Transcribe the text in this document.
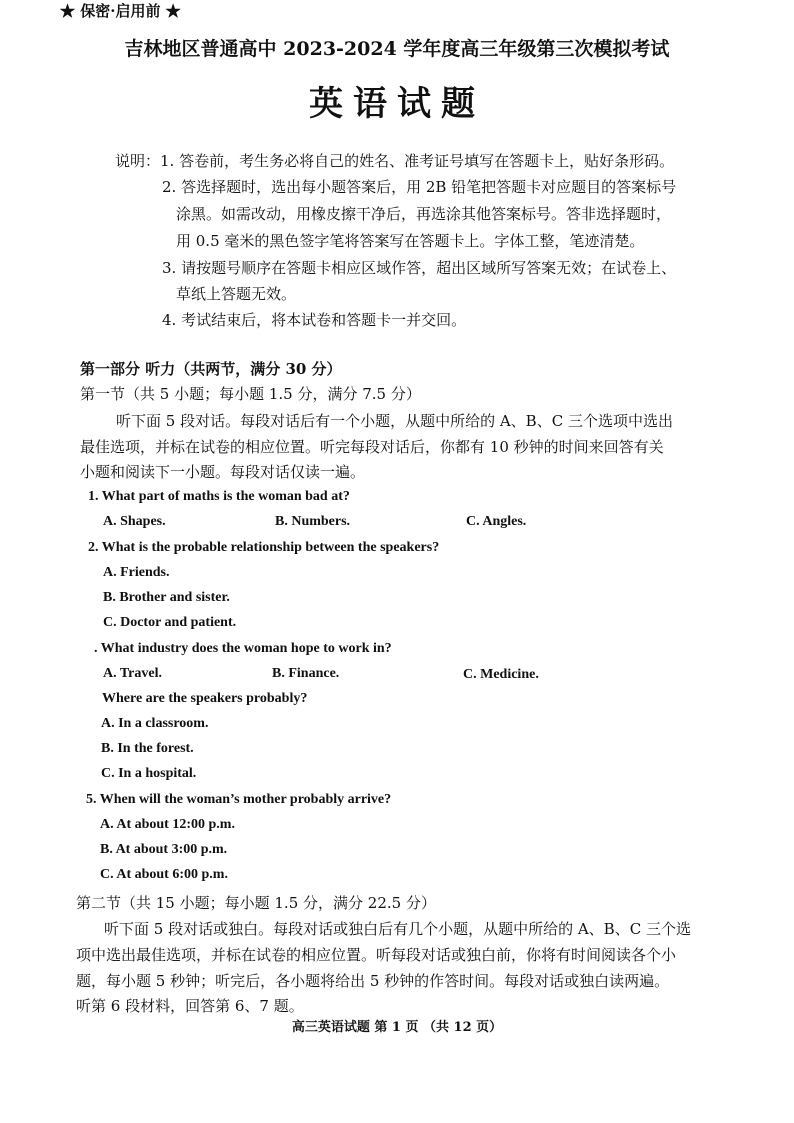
★ 保密·启用前 ★
吉林地区普通高中 2023-2024 学年度高三年级第三次模拟考试
英语试题
说明：1. 答卷前，考生务必将自己的姓名、准考证号填写在答题卡上，贴好条形码。
2. 答选择题时，选出每小题答案后，用 2B 铅笔把答题卡对应题目的答案标号
涂黑。如需改动，用橡皮擦干净后，再选涂其他答案标号。答非选择题时，
用 0.5 毫米的黑色签字笔将答案写在答题卡上。字体工整，笔迹清楚。
3. 请按题号顺序在答题卡相应区域作答，超出区域所写答案无效；在试卷上、
草纸上答题无效。
4. 考试结束后，将本试卷和答题卡一并交回。
第一部分 听力（共两节，满分 30 分）
第一节（共 5 小题；每小题 1.5 分，满分 7.5 分）
听下面 5 段对话。每段对话后有一个小题，从题中所给的 A、B、C 三个选项中选出
最佳选项，并标在试卷的相应位置。听完每段对话后，你都有 10 秒钟的时间来回答有关
小题和阅读下一小题。每段对话仅读一遍。
1. What part of maths is the woman bad at?
A. Shapes.	B. Numbers.	C. Angles.
2. What is the probable relationship between the speakers?
A. Friends.
B. Brother and sister.
C. Doctor and patient.
. What industry does the woman hope to work in?
A. Travel.	B. Finance.	C. Medicine.
Where are the speakers probably?
A. In a classroom.
B. In the forest.
C. In a hospital.
5. When will the woman’s mother probably arrive?
A. At about 12:00 p.m.
B. At about 3:00 p.m.
C. At about 6:00 p.m.
第二节（共 15 小题；每小题 1.5 分，满分 22.5 分）
听下面 5 段对话或独白。每段对话或独白后有几个小题，从题中所给的 A、B、C 三个选
项中选出最佳选项，并标在试卷的相应位置。听每段对话或独白前，你将有时间阅读各个小
题，每小题 5 秒钟；听完后，各小题将给出 5 秒钟的作答时间。每段对话或独白读两遍。
听第 6 段材料，回答第 6、7 题。
高三英语试题 第 1 页 （共 12 页）
